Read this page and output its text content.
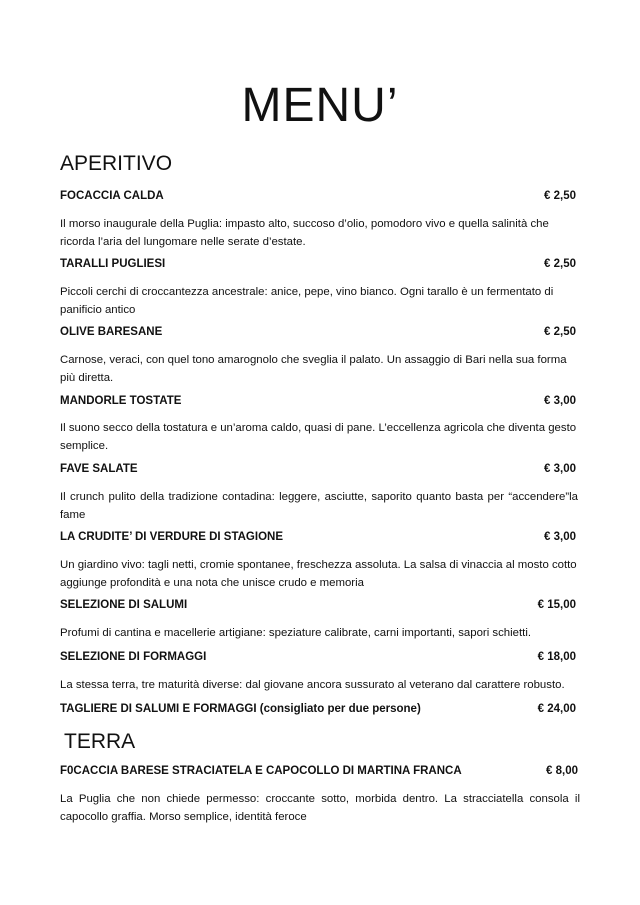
MENU’
APERITIVO
FOCACCIA CALDA	€ 2,50
Il morso inaugurale della Puglia: impasto alto, succoso d’olio, pomodoro vivo e quella salinità che ricorda l’aria del lungomare nelle serate d’estate.
TARALLI PUGLIESI	€ 2,50
Piccoli cerchi di croccantezza ancestrale: anice, pepe, vino bianco. Ogni tarallo è un fermentato di panificio antico
OLIVE BARESANE	€ 2,50
Carnose, veraci, con quel tono amarognolo che sveglia il palato. Un assaggio di Bari nella sua forma più diretta.
MANDORLE TOSTATE	€ 3,00
Il suono secco della tostatura e un’aroma caldo, quasi di pane. L’eccellenza agricola che diventa gesto semplice.
FAVE SALATE	€ 3,00
Il crunch pulito della tradizione contadina: leggere, asciutte, saporito quanto basta per “accendere”la fame
LA CRUDITE’ DI VERDURE DI STAGIONE	€ 3,00
Un giardino vivo: tagli netti, cromie spontanee, freschezza assoluta. La salsa di vinaccia al mosto cotto aggiunge profondità e una nota che unisce crudo e memoria
SELEZIONE DI SALUMI	€ 15,00
Profumi di cantina e macellerie artigiane: speziature calibrate, carni importanti, sapori schietti.
SELEZIONE DI FORMAGGI	€ 18,00
La stessa terra, tre maturità diverse: dal giovane ancora sussurato al veterano dal carattere robusto.
TAGLIERE DI SALUMI E FORMAGGI (consigliato per due persone)	€ 24,00
TERRA
F0CACCIA BARESE STRACIATELA E CAPOCOLLO DI MARTINA FRANCA	€ 8,00
La Puglia che non chiede permesso: croccante sotto, morbida dentro. La stracciatella consola il capocollo graffia. Morso semplice, identità feroce
